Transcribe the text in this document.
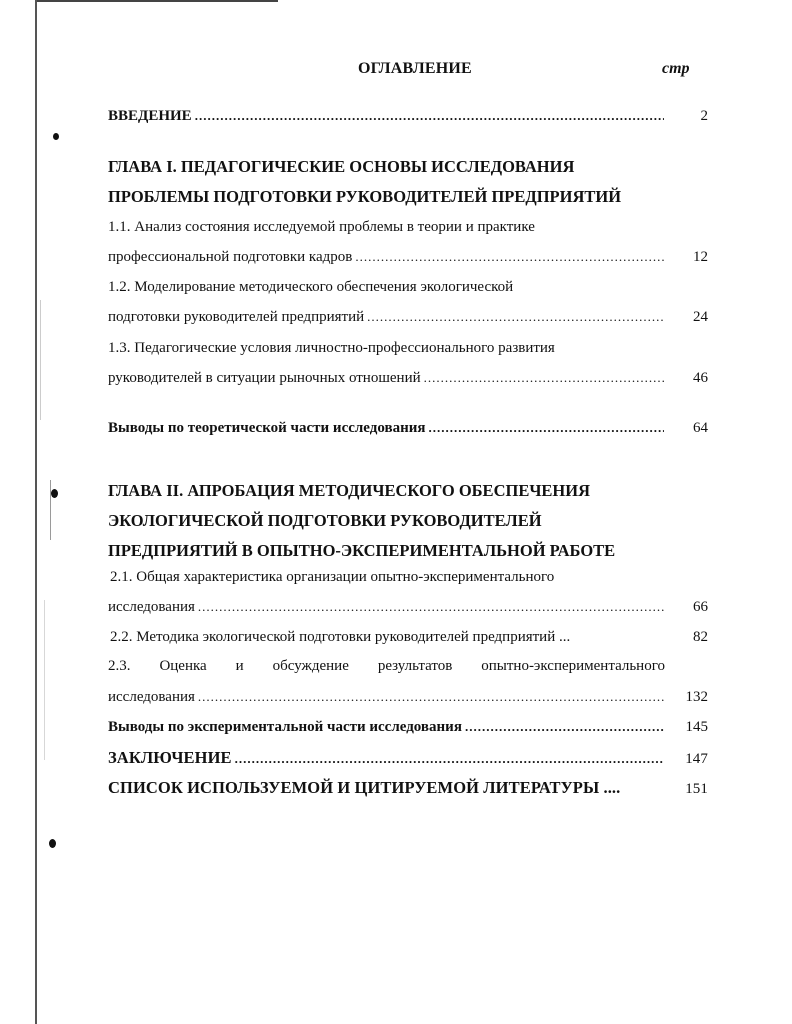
ОГЛАВЛЕНИЕ	стр
ВВЕДЕНИЕ .....	2
ГЛАВА I. ПЕДАГОГИЧЕСКИЕ ОСНОВЫ ИССЛЕДОВАНИЯ
ПРОБЛЕМЫ ПОДГОТОВКИ РУКОВОДИТЕЛЕЙ ПРЕДПРИЯТИЙ
1.1. Анализ состояния исследуемой проблемы в теории и практике
профессиональной подготовки кадров .....	12
1.2. Моделирование методического обеспечения экологической
подготовки руководителей предприятий .....	24
1.3. Педагогические условия личностно-профессионального развития
руководителей в ситуации рыночных отношений .....	46
Выводы по теоретической части исследования .....	64
ГЛАВА II. АПРОБАЦИЯ МЕТОДИЧЕСКОГО ОБЕСПЕЧЕНИЯ
ЭКОЛОГИЧЕСКОЙ ПОДГОТОВКИ РУКОВОДИТЕЛЕЙ
ПРЕДПРИЯТИЙ В ОПЫТНО-ЭКСПЕРИМЕНТАЛЬНОЙ РАБОТЕ
2.1. Общая характеристика организации опытно-экспериментального
исследования .....	66
2.2. Методика экологической подготовки руководителей предприятий ...	82
2.3. Оценка и обсуждение результатов опытно-экспериментального
исследования .....	132
Выводы по экспериментальной части исследования .....	145
ЗАКЛЮЧЕНИЕ .....	147
СПИСОК ИСПОЛЬЗУЕМОЙ И ЦИТИРУЕМОЙ ЛИТЕРАТУРЫ ....	151
